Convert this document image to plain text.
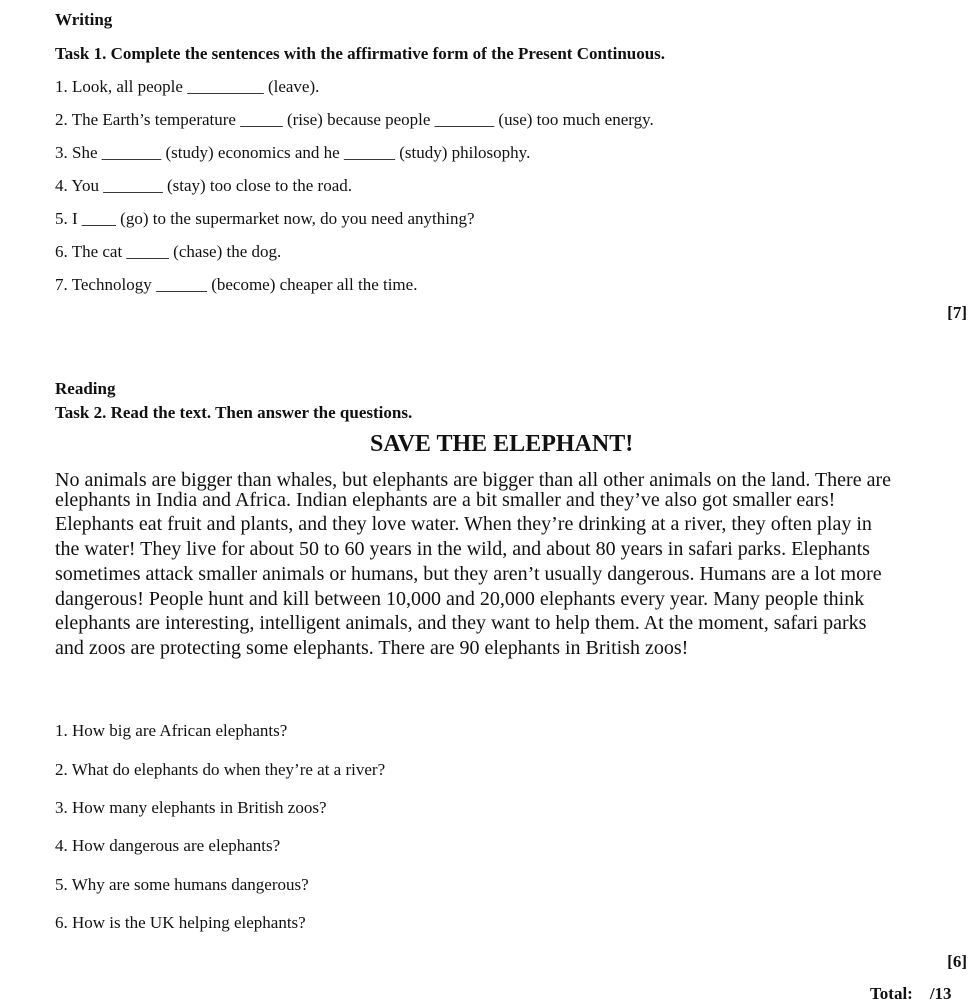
Writing
Task 1. Complete the sentences with the affirmative form of the Present Continuous.
1. Look, all people _________ (leave).
2. The Earth’s temperature _____ (rise) because people _______ (use) too much energy.
3. She _______ (study) economics and he ______ (study) philosophy.
4. You _______ (stay) too close to the road.
5. I ____ (go) to the supermarket now, do you need anything?
6. The cat _____ (chase) the dog.
7. Technology ______ (become) cheaper all the time.
[7]
Reading
Task 2. Read the text. Then answer the questions.
SAVE THE ELEPHANT!
No animals are bigger than whales, but elephants are bigger than all other animals on the land. There are
elephants in India and Africa. Indian elephants are a bit smaller and they’ve also got smaller ears!
Elephants eat fruit and plants, and they love water. When they’re drinking at a river, they often play in
the water! They live for about 50 to 60 years in the wild, and about 80 years in safari parks. Elephants
sometimes attack smaller animals or humans, but they aren’t usually dangerous. Humans are a lot more
dangerous! People hunt and kill between 10,000 and 20,000 elephants every year. Many people think
elephants are interesting, intelligent animals, and they want to help them. At the moment, safari parks
and zoos are protecting some elephants. There are 90 elephants in British zoos!
1. How big are African elephants?
2. What do elephants do when they’re at a river?
3. How many elephants in British zoos?
4. How dangerous are elephants?
5. Why are some humans dangerous?
6. How is the UK helping elephants?
[6]
Total:    /13
